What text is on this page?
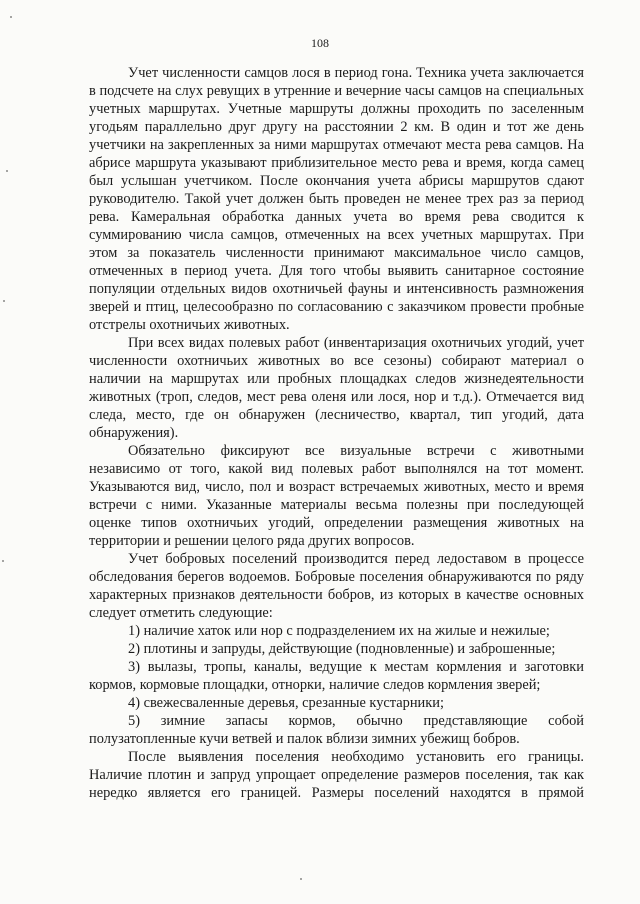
108

Учет численности самцов лося в период гона. Техника учета заключается в подсчете на слух ревущих в утренние и вечерние часы самцов на специальных учетных маршрутах. Учетные маршруты должны проходить по заселенным угодьям параллельно друг другу на расстоянии 2 км. В один и тот же день учетчики на закрепленных за ними маршрутах отмечают места рева самцов. На абрисе маршрута указывают приблизительное место рева и время, когда самец был услышан учетчиком. После окончания учета абрисы маршрутов сдают руководителю. Такой учет должен быть проведен не менее трех раз за период рева. Камеральная обработка данных учета во время рева сводится к суммированию числа самцов, отмеченных на всех учетных маршрутах. При этом за показатель численности принимают максимальное число самцов, отмеченных в период учета. Для того чтобы выявить санитарное состояние популяции отдельных видов охотничьей фауны и интенсивность размножения зверей и птиц, целесообразно по согласованию с заказчиком провести пробные отстрелы охотничьих животных.

При всех видах полевых работ (инвентаризация охотничьих угодий, учет численности охотничьих животных во все сезоны) собирают материал о наличии на маршрутах или пробных площадках следов жизнедеятельности животных (троп, следов, мест рева оленя или лося, нор и т.д.). Отмечается вид следа, место, где он обнаружен (лесничество, квартал, тип угодий, дата обнаружения).

Обязательно фиксируют все визуальные встречи с животными независимо от того, какой вид полевых работ выполнялся на тот момент. Указываются вид, число, пол и возраст встречаемых животных, место и время встречи с ними. Указанные материалы весьма полезны при последующей оценке типов охотничьих угодий, определении размещения животных на территории и решении целого ряда других вопросов.

Учет бобровых поселений производится перед ледоставом в процессе обследования берегов водоемов. Бобровые поселения обнаруживаются по ряду характерных признаков деятельности бобров, из которых в качестве основных следует отметить следующие:

1) наличие хаток или нор с подразделением их на жилые и нежилые;

2) плотины и запруды, действующие (подновленные) и заброшенные;

3) вылазы, тропы, каналы, ведущие к местам кормления и заготовки кормов, кормовые площадки, отнорки, наличие следов кормления зверей;

4) свежесваленные деревья, срезанные кустарники;

5) зимние запасы кормов, обычно представляющие собой полузатопленные кучи ветвей и палок вблизи зимних убежищ бобров.

После выявления поселения необходимо установить его границы. Наличие плотин и запруд упрощает определение размеров поселения, так как нередко является его границей. Размеры поселений находятся в прямой
